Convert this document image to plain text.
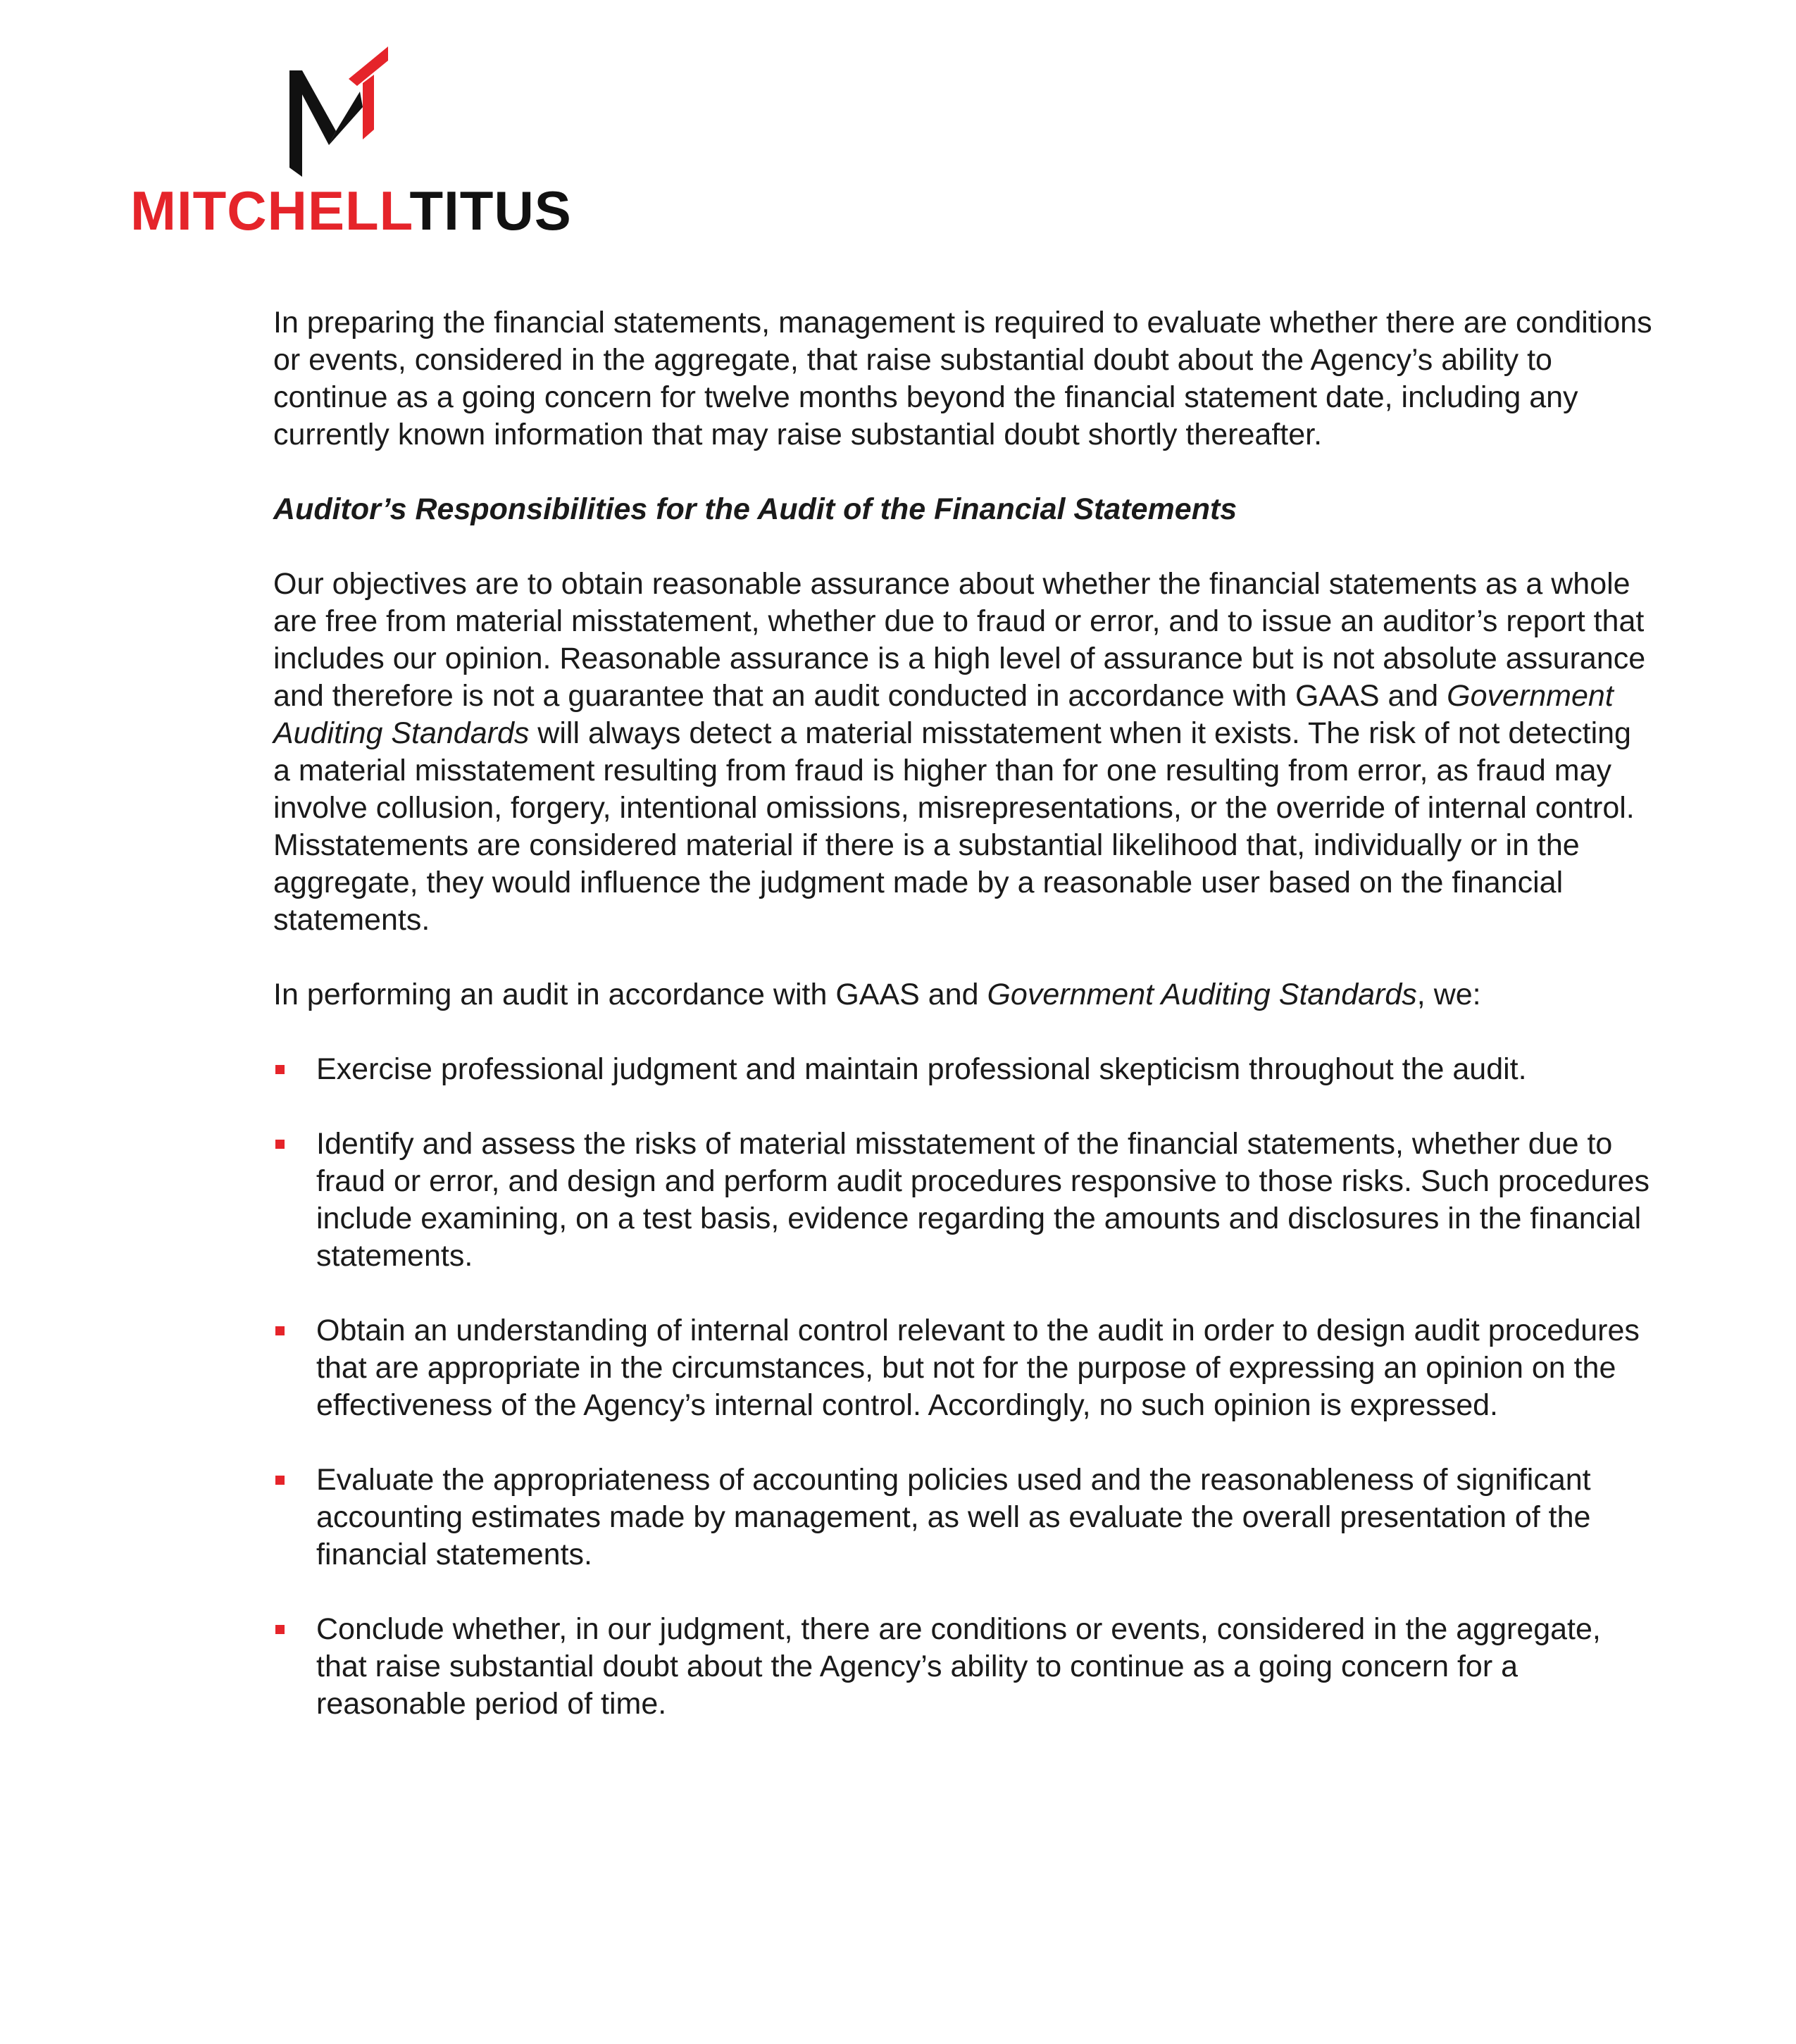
MITCHELLTITUS

In preparing the financial statements, management is required to evaluate whether there are conditions or events, considered in the aggregate, that raise substantial doubt about the Agency’s ability to continue as a going concern for twelve months beyond the financial statement date, including any currently known information that may raise substantial doubt shortly thereafter.

Auditor’s Responsibilities for the Audit of the Financial Statements

Our objectives are to obtain reasonable assurance about whether the financial statements as a whole are free from material misstatement, whether due to fraud or error, and to issue an auditor’s report that includes our opinion. Reasonable assurance is a high level of assurance but is not absolute assurance and therefore is not a guarantee that an audit conducted in accordance with GAAS and Government Auditing Standards will always detect a material misstatement when it exists. The risk of not detecting a material misstatement resulting from fraud is higher than for one resulting from error, as fraud may involve collusion, forgery, intentional omissions, misrepresentations, or the override of internal control. Misstatements are considered material if there is a substantial likelihood that, individually or in the aggregate, they would influence the judgment made by a reasonable user based on the financial statements.

In performing an audit in accordance with GAAS and Government Auditing Standards, we:

Exercise professional judgment and maintain professional skepticism throughout the audit.
Identify and assess the risks of material misstatement of the financial statements, whether due to fraud or error, and design and perform audit procedures responsive to those risks. Such procedures include examining, on a test basis, evidence regarding the amounts and disclosures in the financial statements.
Obtain an understanding of internal control relevant to the audit in order to design audit procedures that are appropriate in the circumstances, but not for the purpose of expressing an opinion on the effectiveness of the Agency’s internal control. Accordingly, no such opinion is expressed.
Evaluate the appropriateness of accounting policies used and the reasonableness of significant accounting estimates made by management, as well as evaluate the overall presentation of the financial statements.
Conclude whether, in our judgment, there are conditions or events, considered in the aggregate, that raise substantial doubt about the Agency’s ability to continue as a going concern for a reasonable period of time.
